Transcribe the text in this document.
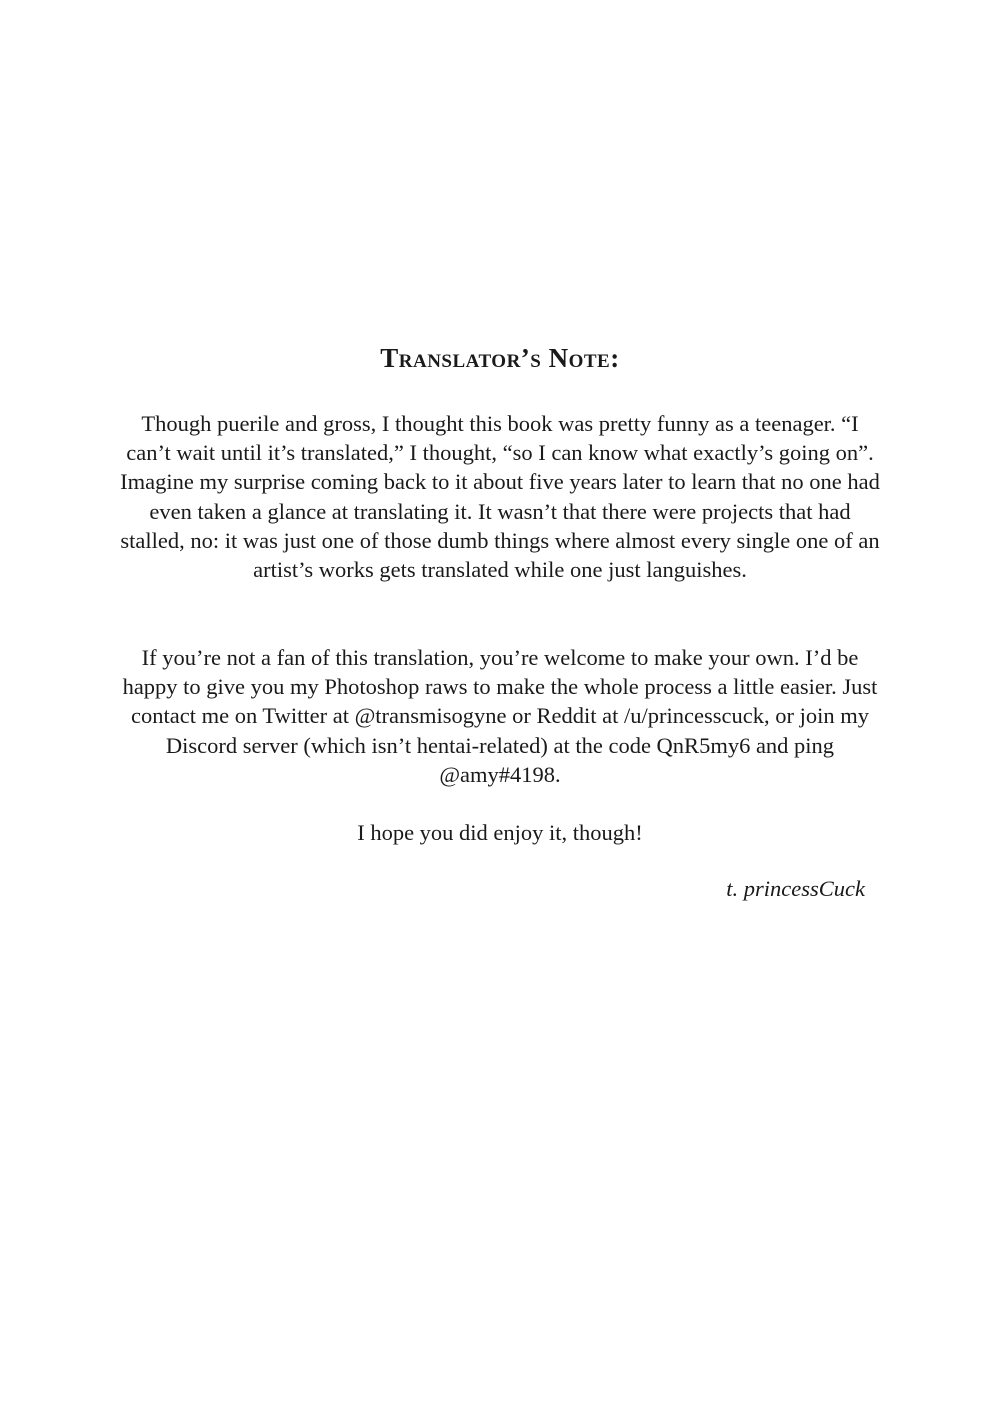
Translator’s Note:

Though puerile and gross, I thought this book was pretty funny as a teenager. “I can’t wait until it’s translated,” I thought, “so I can know what exactly’s going on”. Imagine my surprise coming back to it about five years later to learn that no one had even taken a glance at translating it. It wasn’t that there were projects that had stalled, no: it was just one of those dumb things where almost every single one of an artist’s works gets translated while one just languishes.

If you’re not a fan of this translation, you’re welcome to make your own. I’d be happy to give you my Photoshop raws to make the whole process a little easier. Just contact me on Twitter at @transmisogyne or Reddit at /u/princesscuck, or join my Discord server (which isn’t hentai-related) at the code QnR5my6 and ping @amy#4198.

I hope you did enjoy it, though!

t. princessCuck
